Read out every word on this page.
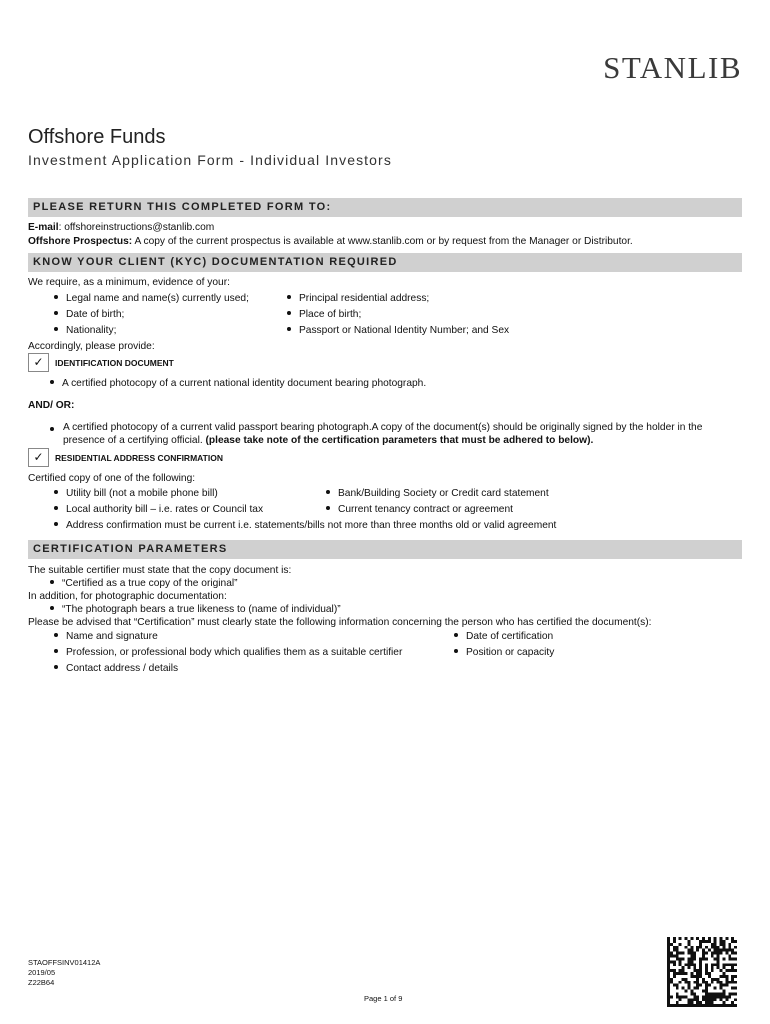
STANLIB
Offshore Funds
Investment Application Form - Individual Investors
PLEASE RETURN THIS COMPLETED FORM TO:
E-mail: offshoreinstructions@stanlib.com
Offshore Prospectus: A copy of the current prospectus is available at www.stanlib.com or by request from the Manager or Distributor.
KNOW YOUR CLIENT (KYC) DOCUMENTATION REQUIRED
We require, as a minimum, evidence of your:
Legal name and name(s) currently used;
Date of birth;
Nationality;
Principal residential address;
Place of birth;
Passport or National Identity Number; and Sex
Accordingly, please provide:
✓	IDENTIFICATION DOCUMENT
A certified photocopy of a current national identity document bearing photograph.
AND/ OR:
A certified photocopy of a current valid passport bearing photograph.A copy of the document(s) should be originally signed by the holder in the presence of a certifying official. (please take note of the certification parameters that must be adhered to below).
✓	RESIDENTIAL ADDRESS CONFIRMATION
Certified copy of one of the following:
Utility bill (not a mobile phone bill)
Local authority bill – i.e. rates or Council tax
Bank/Building Society or Credit card statement
Current tenancy contract or agreement
Address confirmation must be current i.e. statements/bills not more than three months old or valid agreement
CERTIFICATION PARAMETERS
The suitable certifier must state that the copy document is:
“Certified as a true copy of the original”
In addition, for photographic documentation:
“The photograph bears a true likeness to (name of individual)”
Please be advised that “Certification” must clearly state the following information concerning the person who has certified the document(s):
Name and signature
Profession, or professional body which qualifies them as a suitable certifier
Contact address / details
Date of certification
Position or capacity
STAOFFSINV01412A
2019/05
Z22B64
Page 1 of 9
